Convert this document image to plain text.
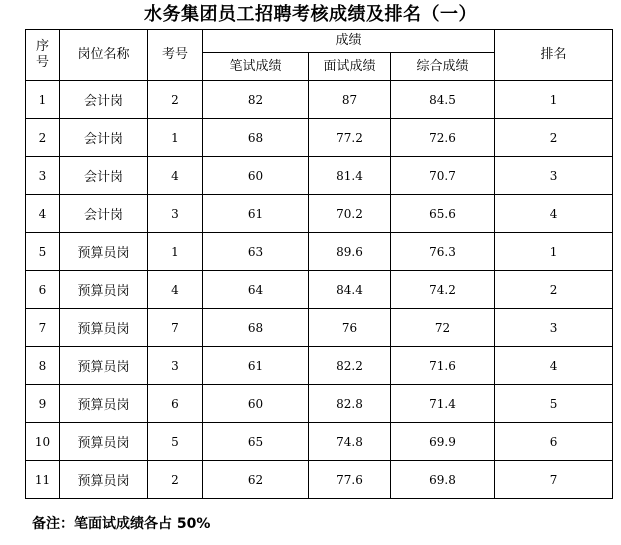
水务集团员工招聘考核成绩及排名（一）
序号	岗位名称	考号	成绩			排名
			笔试成绩	面试成绩	综合成绩	
1	会计岗	2	82	87	84.5	1
2	会计岗	1	68	77.2	72.6	2
3	会计岗	4	60	81.4	70.7	3
4	会计岗	3	61	70.2	65.6	4
5	预算员岗	1	63	89.6	76.3	1
6	预算员岗	4	64	84.4	74.2	2
7	预算员岗	7	68	76	72	3
8	预算员岗	3	61	82.2	71.6	4
9	预算员岗	6	60	82.8	71.4	5
10	预算员岗	5	65	74.8	69.9	6
11	预算员岗	2	62	77.6	69.8	7
备注：笔面试成绩各占 50%
